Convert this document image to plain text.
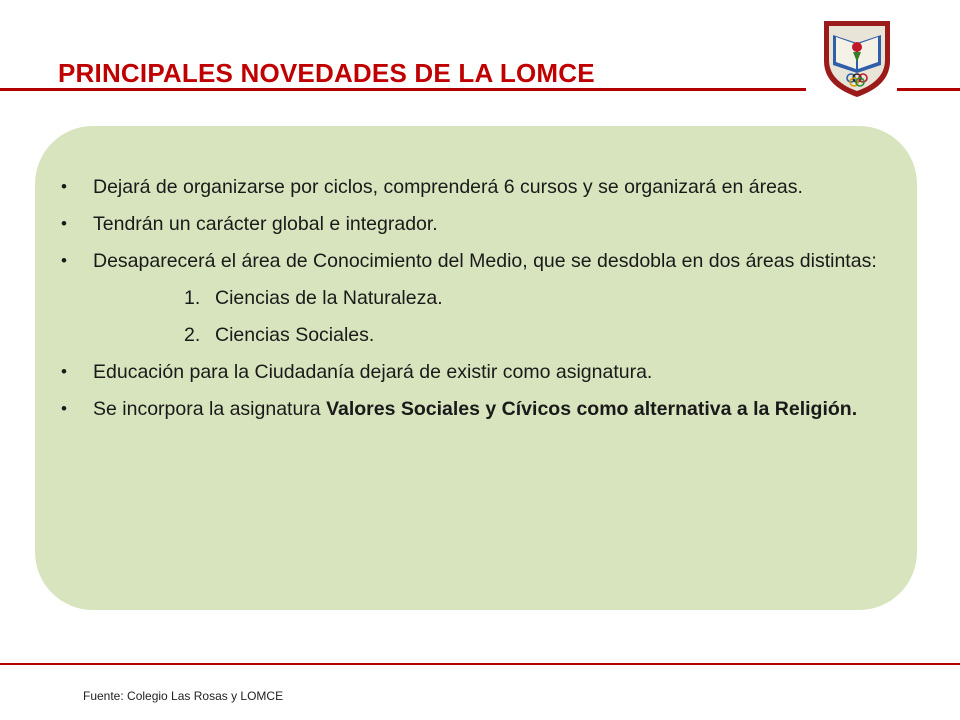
PRINCIPALES NOVEDADES DE LA LOMCE
• Dejará de organizarse por ciclos, comprenderá 6 cursos y se organizará en áreas.
• Tendrán un carácter global e integrador.
• Desaparecerá el área de Conocimiento del Medio, que se desdobla en dos áreas distintas:
1. Ciencias de la Naturaleza.
2. Ciencias Sociales.
• Educación para la Ciudadanía dejará de existir como asignatura.
• Se incorpora la asignatura Valores Sociales y Cívicos como alternativa a la Religión.
Fuente: Colegio Las Rosas y LOMCE
